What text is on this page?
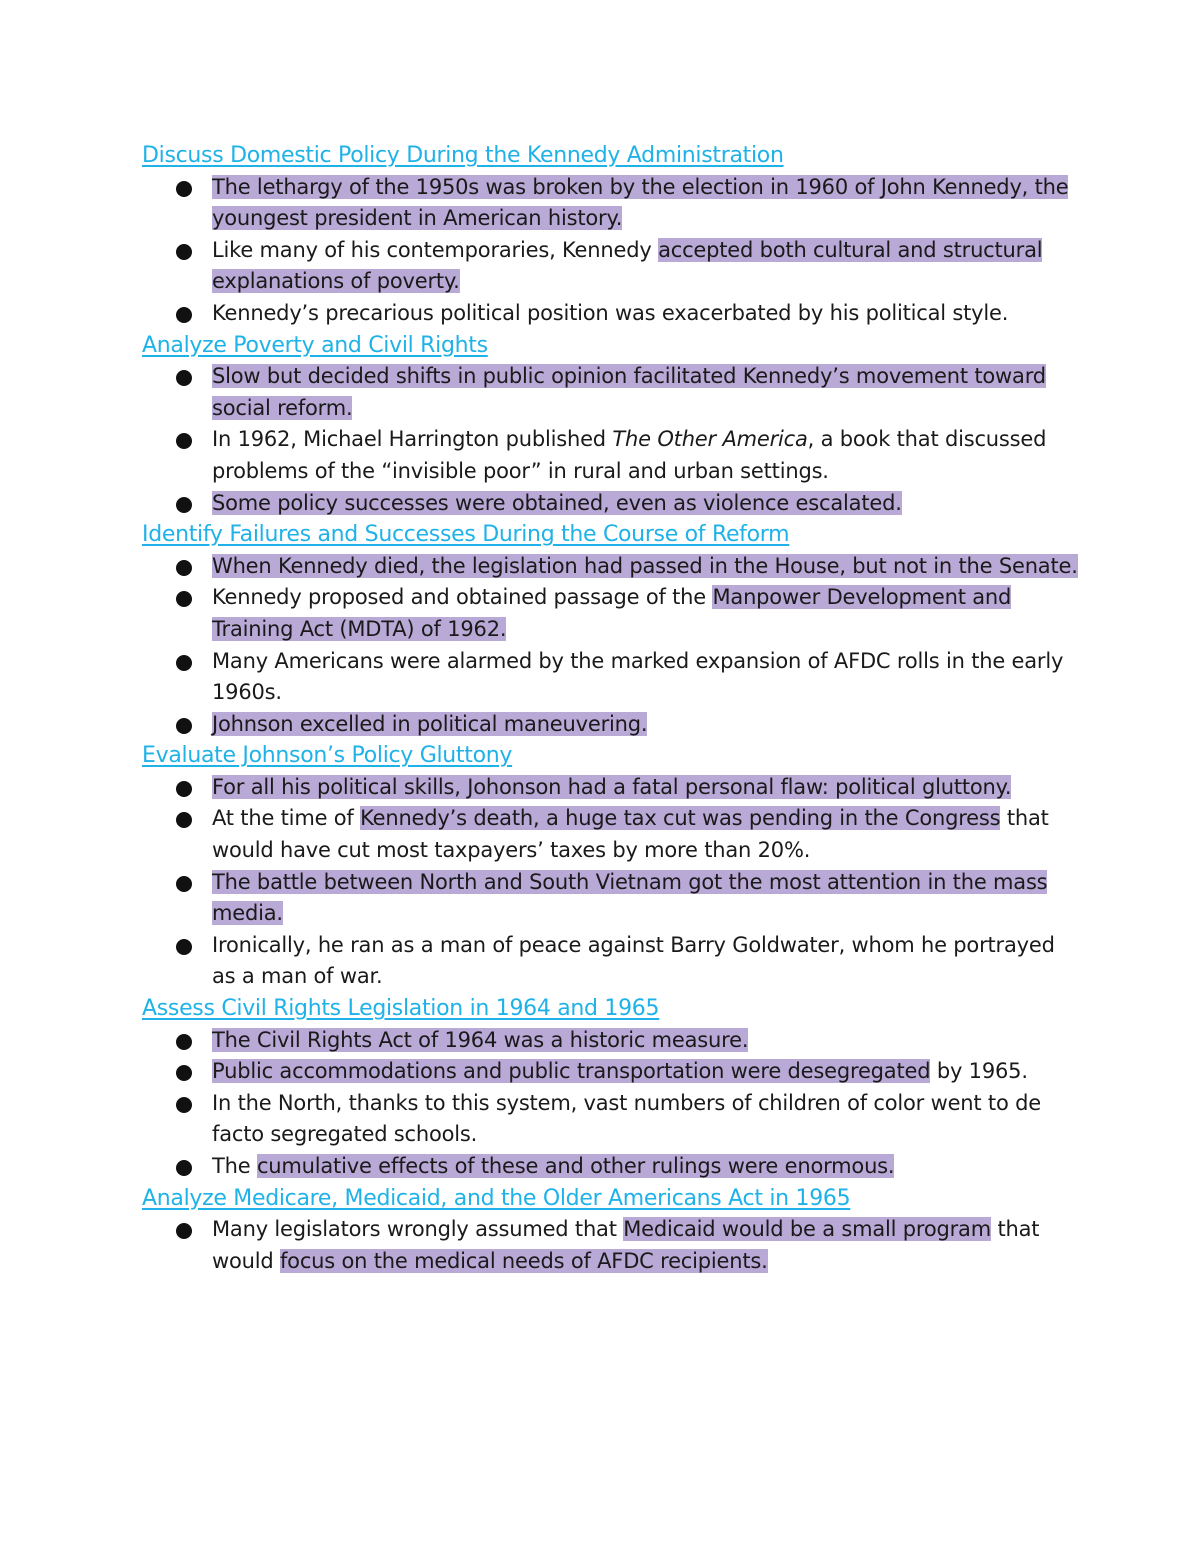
Discuss Domestic Policy During the Kennedy Administration
The lethargy of the 1950s was broken by the election in 1960 of John Kennedy, the youngest president in American history.
Like many of his contemporaries, Kennedy accepted both cultural and structural explanations of poverty.
Kennedy’s precarious political position was exacerbated by his political style.
Analyze Poverty and Civil Rights
Slow but decided shifts in public opinion facilitated Kennedy’s movement toward social reform.
In 1962, Michael Harrington published The Other America, a book that discussed problems of the “invisible poor” in rural and urban settings.
Some policy successes were obtained, even as violence escalated.
Identify Failures and Successes During the Course of Reform
When Kennedy died, the legislation had passed in the House, but not in the Senate.
Kennedy proposed and obtained passage of the Manpower Development and Training Act (MDTA) of 1962.
Many Americans were alarmed by the marked expansion of AFDC rolls in the early 1960s.
Johnson excelled in political maneuvering.
Evaluate Johnson’s Policy Gluttony
For all his political skills, Johonson had a fatal personal flaw: political gluttony.
At the time of Kennedy’s death, a huge tax cut was pending in the Congress that would have cut most taxpayers’ taxes by more than 20%.
The battle between North and South Vietnam got the most attention in the mass media.
Ironically, he ran as a man of peace against Barry Goldwater, whom he portrayed as a man of war.
Assess Civil Rights Legislation in 1964 and 1965
The Civil Rights Act of 1964 was a historic measure.
Public accommodations and public transportation were desegregated by 1965.
In the North, thanks to this system, vast numbers of children of color went to de facto segregated schools.
The cumulative effects of these and other rulings were enormous.
Analyze Medicare, Medicaid, and the Older Americans Act in 1965
Many legislators wrongly assumed that Medicaid would be a small program that would focus on the medical needs of AFDC recipients.
